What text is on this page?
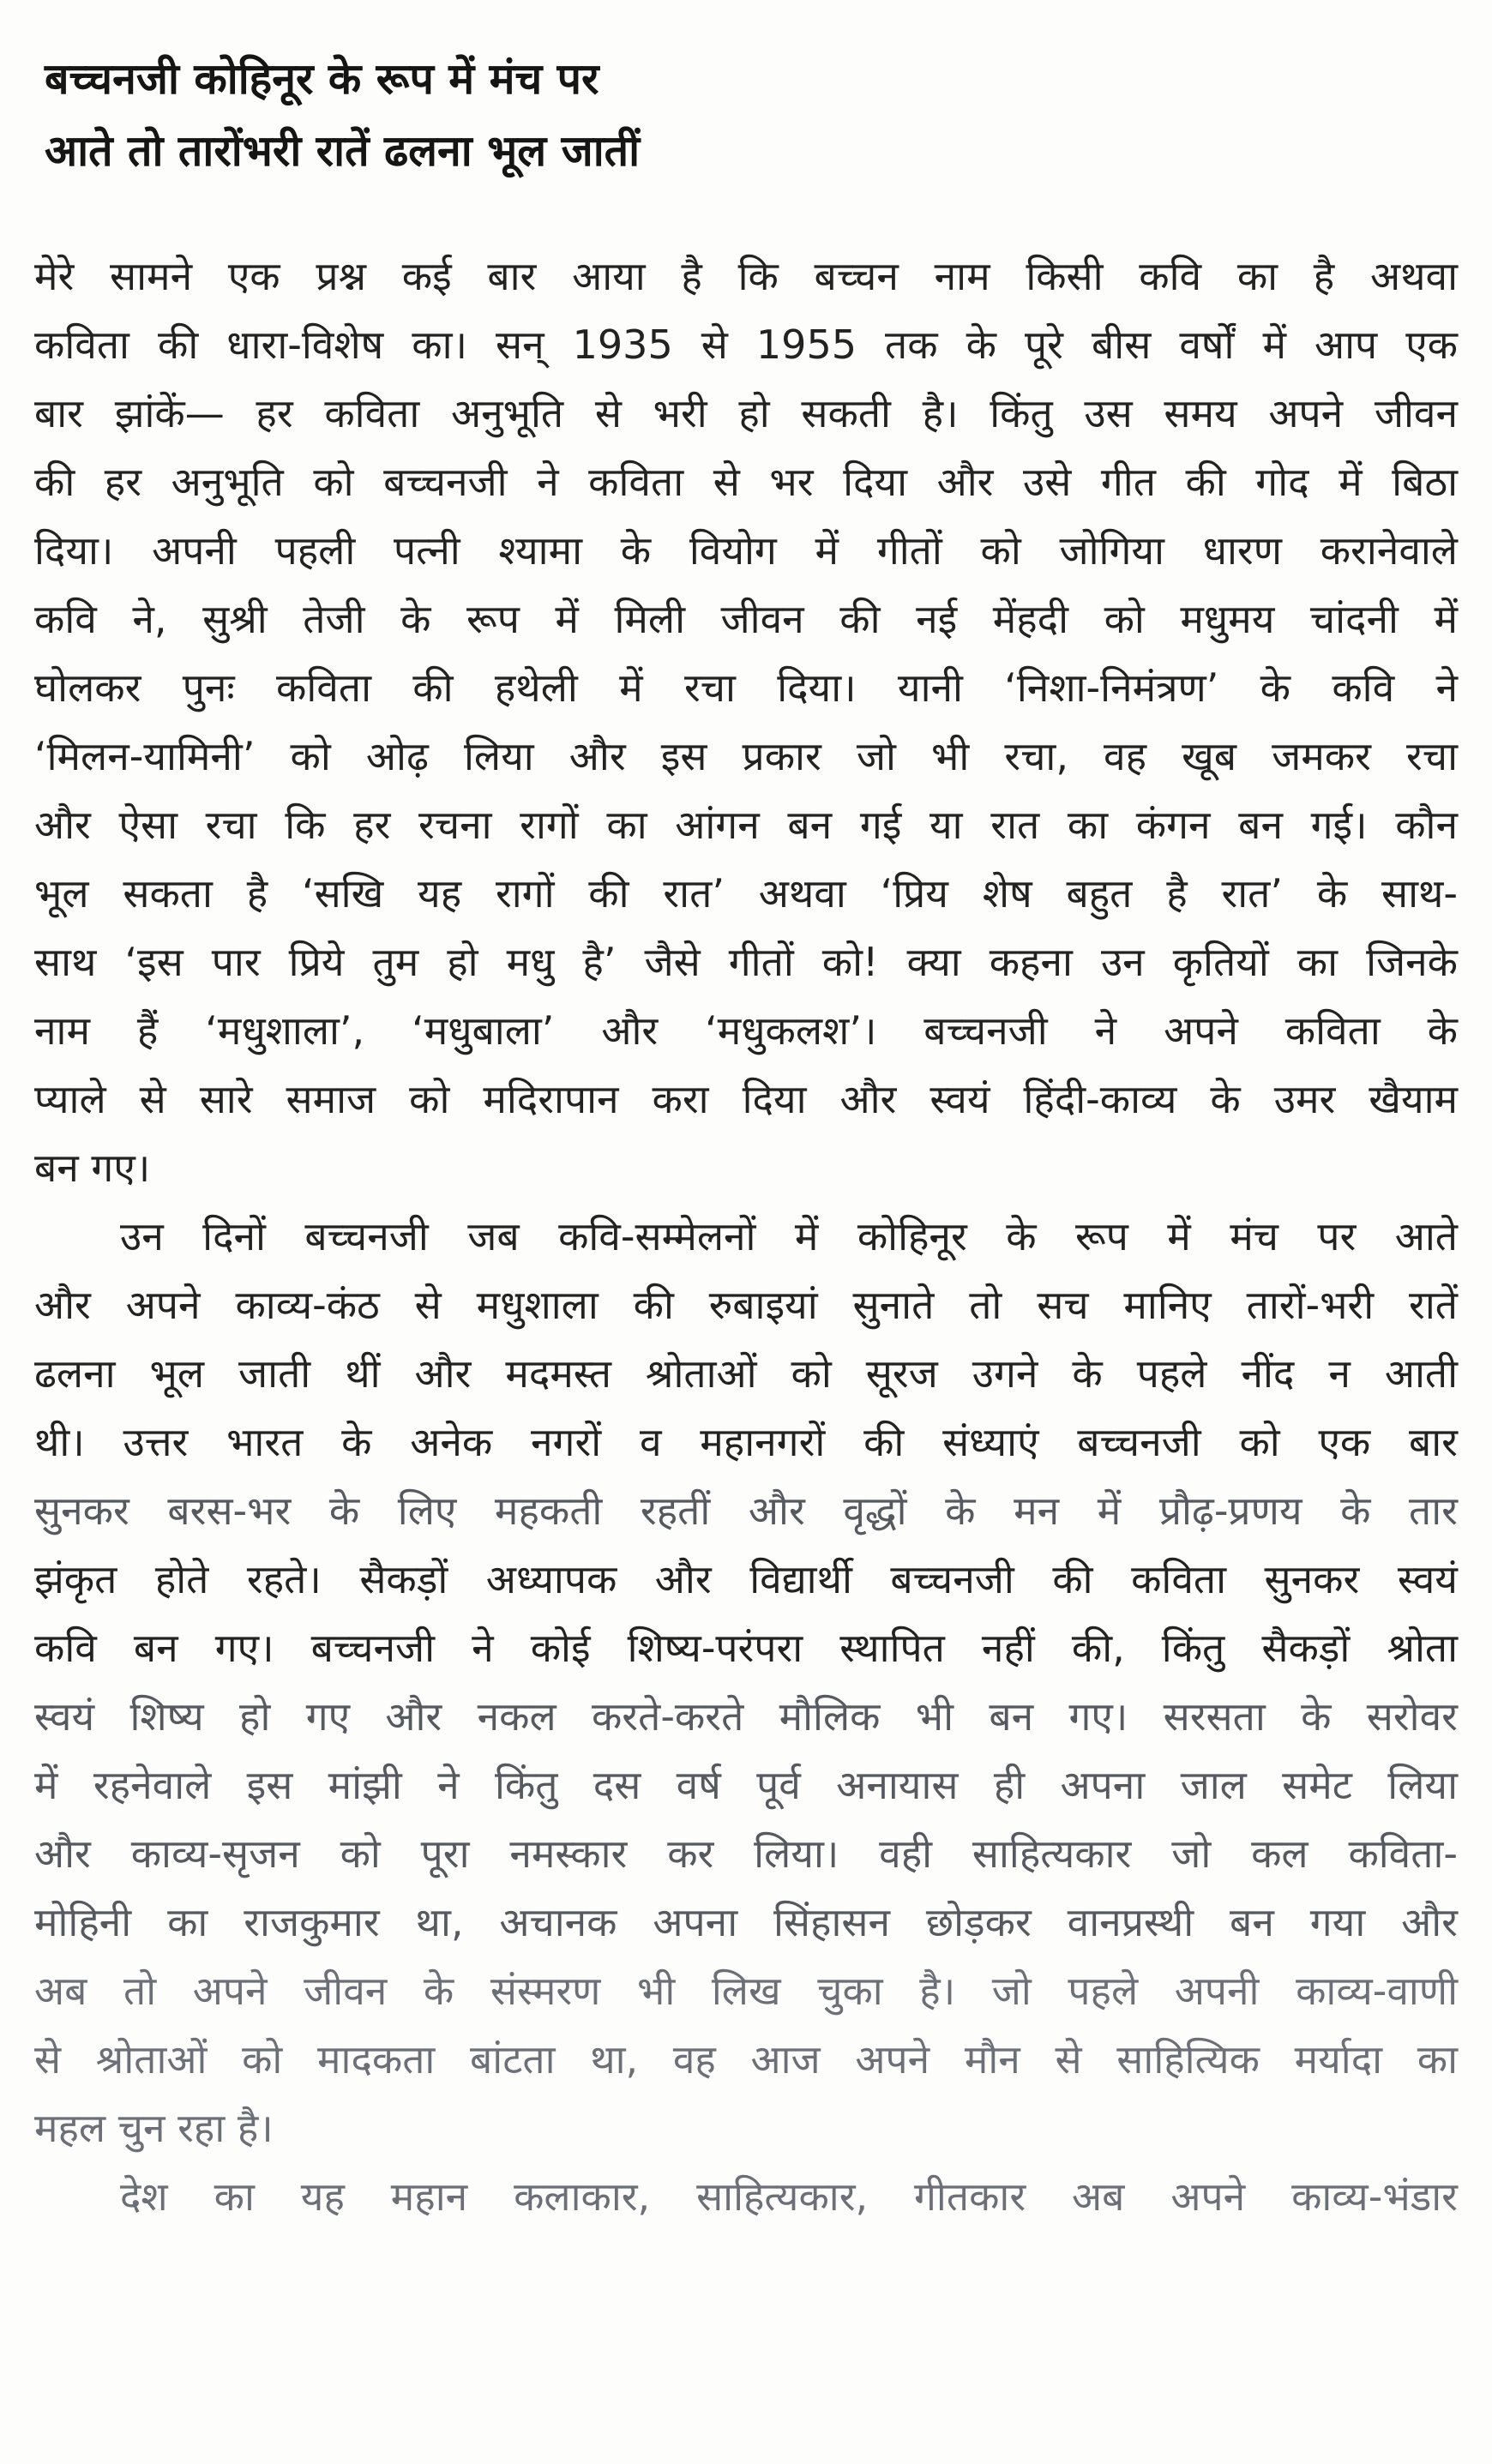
बच्चनजी कोहिनूर के रूप में मंच पर
आते तो तारोंभरी रातें ढलना भूल जातीं
मेरे सामने एक प्रश्न कई बार आया है कि बच्चन नाम किसी कवि का है अथवा
कविता की धारा-विशेष का। सन् 1935 से 1955 तक के पूरे बीस वर्षों में आप एक
बार झांकें— हर कविता अनुभूति से भरी हो सकती है। किंतु उस समय अपने जीवन
की हर अनुभूति को बच्चनजी ने कविता से भर दिया और उसे गीत की गोद में बिठा
दिया। अपनी पहली पत्नी श्यामा के वियोग में गीतों को जोगिया धारण करानेवाले
कवि ने, सुश्री तेजी के रूप में मिली जीवन की नई मेंहदी को मधुमय चांदनी में
घोलकर पुनः कविता की हथेली में रचा दिया। यानी ‘निशा-निमंत्रण’ के कवि ने
‘मिलन-यामिनी’ को ओढ़ लिया और इस प्रकार जो भी रचा, वह खूब जमकर रचा
और ऐसा रचा कि हर रचना रागों का आंगन बन गई या रात का कंगन बन गई। कौन
भूल सकता है ‘सखि यह रागों की रात’ अथवा ‘प्रिय शेष बहुत है रात’ के साथ-
साथ ‘इस पार प्रिये तुम हो मधु है’ जैसे गीतों को! क्या कहना उन कृतियों का जिनके
नाम हैं ‘मधुशाला’, ‘मधुबाला’ और ‘मधुकलश’। बच्चनजी ने अपने कविता के
प्याले से सारे समाज को मदिरापान करा दिया और स्वयं हिंदी-काव्य के उमर खैयाम
बन गए।
उन दिनों बच्चनजी जब कवि-सम्मेलनों में कोहिनूर के रूप में मंच पर आते
और अपने काव्य-कंठ से मधुशाला की रुबाइयां सुनाते तो सच मानिए तारों-भरी रातें
ढलना भूल जाती थीं और मदमस्त श्रोताओं को सूरज उगने के पहले नींद न आती
थी। उत्तर भारत के अनेक नगरों व महानगरों की संध्याएं बच्चनजी को एक बार
सुनकर बरस-भर के लिए महकती रहतीं और वृद्धों के मन में प्रौढ़-प्रणय के तार
झंकृत होते रहते। सैकड़ों अध्यापक और विद्यार्थी बच्चनजी की कविता सुनकर स्वयं
कवि बन गए। बच्चनजी ने कोई शिष्य-परंपरा स्थापित नहीं की, किंतु सैकड़ों श्रोता
स्वयं शिष्य हो गए और नकल करते-करते मौलिक भी बन गए। सरसता के सरोवर
में रहनेवाले इस मांझी ने किंतु दस वर्ष पूर्व अनायास ही अपना जाल समेट लिया
और काव्य-सृजन को पूरा नमस्कार कर लिया। वही साहित्यकार जो कल कविता-
मोहिनी का राजकुमार था, अचानक अपना सिंहासन छोड़कर वानप्रस्थी बन गया और
अब तो अपने जीवन के संस्मरण भी लिख चुका है। जो पहले अपनी काव्य-वाणी
से श्रोताओं को मादकता बांटता था, वह आज अपने मौन से साहित्यिक मर्यादा का
महल चुन रहा है।
देश का यह महान कलाकार, साहित्यकार, गीतकार अब अपने काव्य-भंडार
